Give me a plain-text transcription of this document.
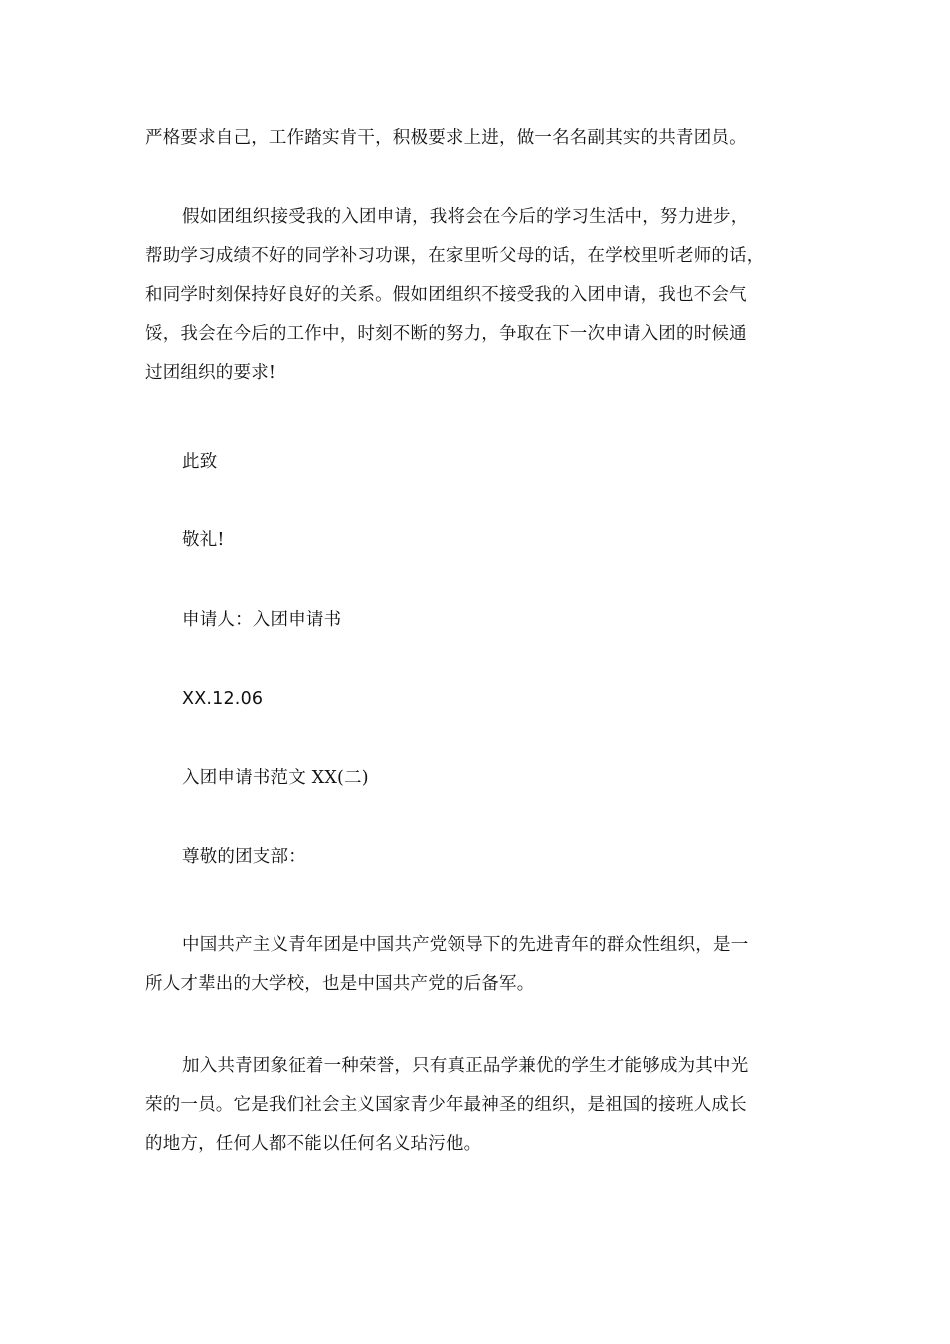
严格要求自己，工作踏实肯干，积极要求上进，做一名名副其实的共青团员。

假如团组织接受我的入团申请，我将会在今后的学习生活中，努力进步，
帮助学习成绩不好的同学补习功课，在家里听父母的话，在学校里听老师的话，
和同学时刻保持好良好的关系。假如团组织不接受我的入团申请，我也不会气
馁，我会在今后的工作中，时刻不断的努力，争取在下一次申请入团的时候通
过团组织的要求!

此致

敬礼!

申请人：入团申请书

XX.12.06

入团申请书范文 XX(二)

尊敬的团支部：

中国共产主义青年团是中国共产党领导下的先进青年的群众性组织，是一
所人才辈出的大学校，也是中国共产党的后备军。

加入共青团象征着一种荣誉，只有真正品学兼优的学生才能够成为其中光
荣的一员。它是我们社会主义国家青少年最神圣的组织，是祖国的接班人成长
的地方，任何人都不能以任何名义玷污他。
